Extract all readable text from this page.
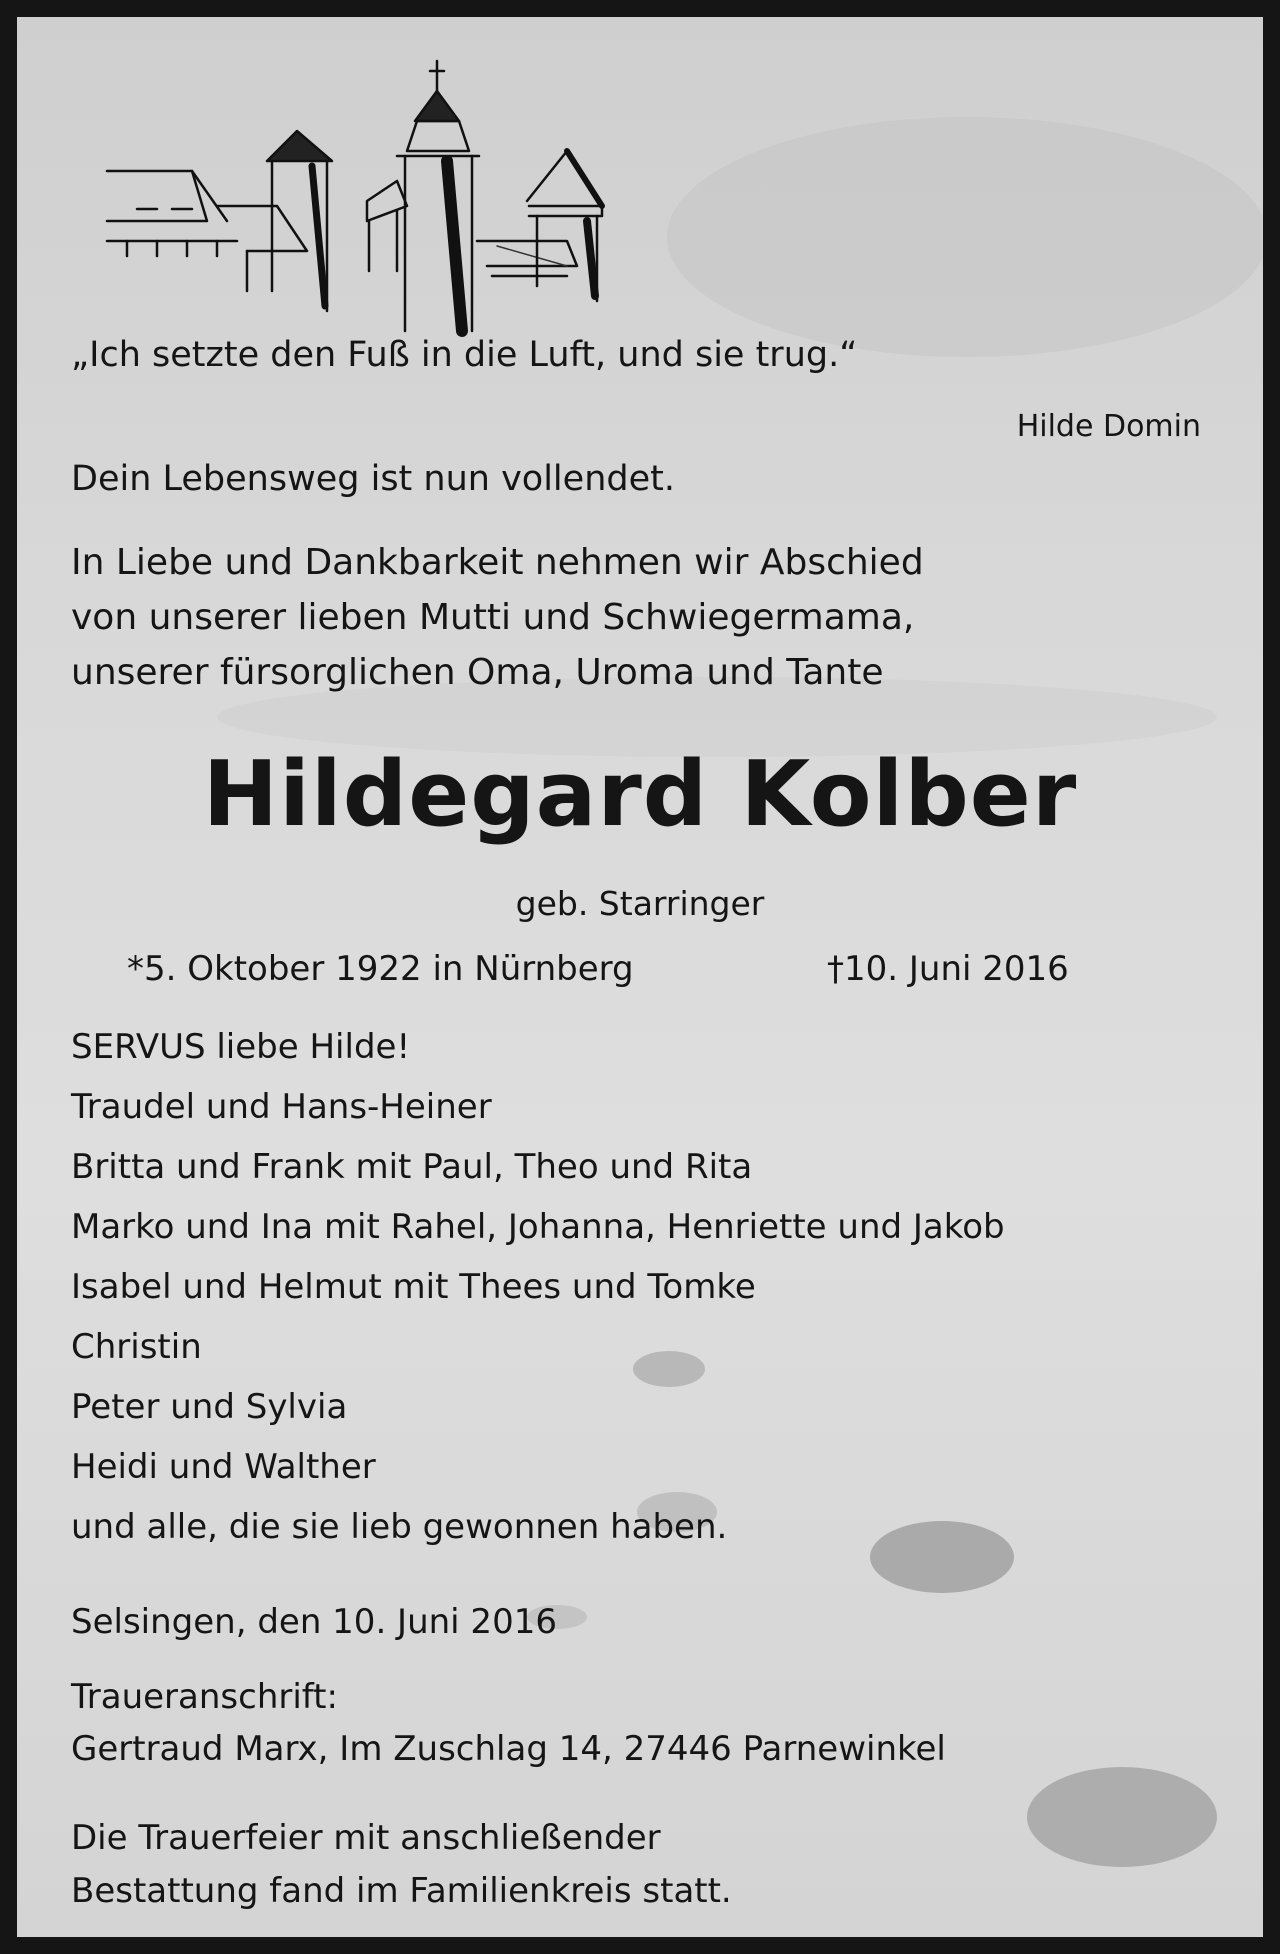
„Ich setzte den Fuß in die Luft, und sie trug.“
Hilde Domin
Dein Lebensweg ist nun vollendet.
In Liebe und Dankbarkeit nehmen wir Abschied
von unserer lieben Mutti und Schwiegermama,
unserer fürsorglichen Oma, Uroma und Tante
Hildegard Kolber
geb. Starringer
*5. Oktober 1922 in Nürnberg	†10. Juni 2016
SERVUS liebe Hilde!
Traudel und Hans-Heiner
Britta und Frank mit Paul, Theo und Rita
Marko und Ina mit Rahel, Johanna, Henriette und Jakob
Isabel und Helmut mit Thees und Tomke
Christin
Peter und Sylvia
Heidi und Walther
und alle, die sie lieb gewonnen haben.
Selsingen, den 10. Juni 2016
Traueranschrift:
Gertraud Marx, Im Zuschlag 14, 27446 Parnewinkel
Die Trauerfeier mit anschließender
Bestattung fand im Familienkreis statt.
